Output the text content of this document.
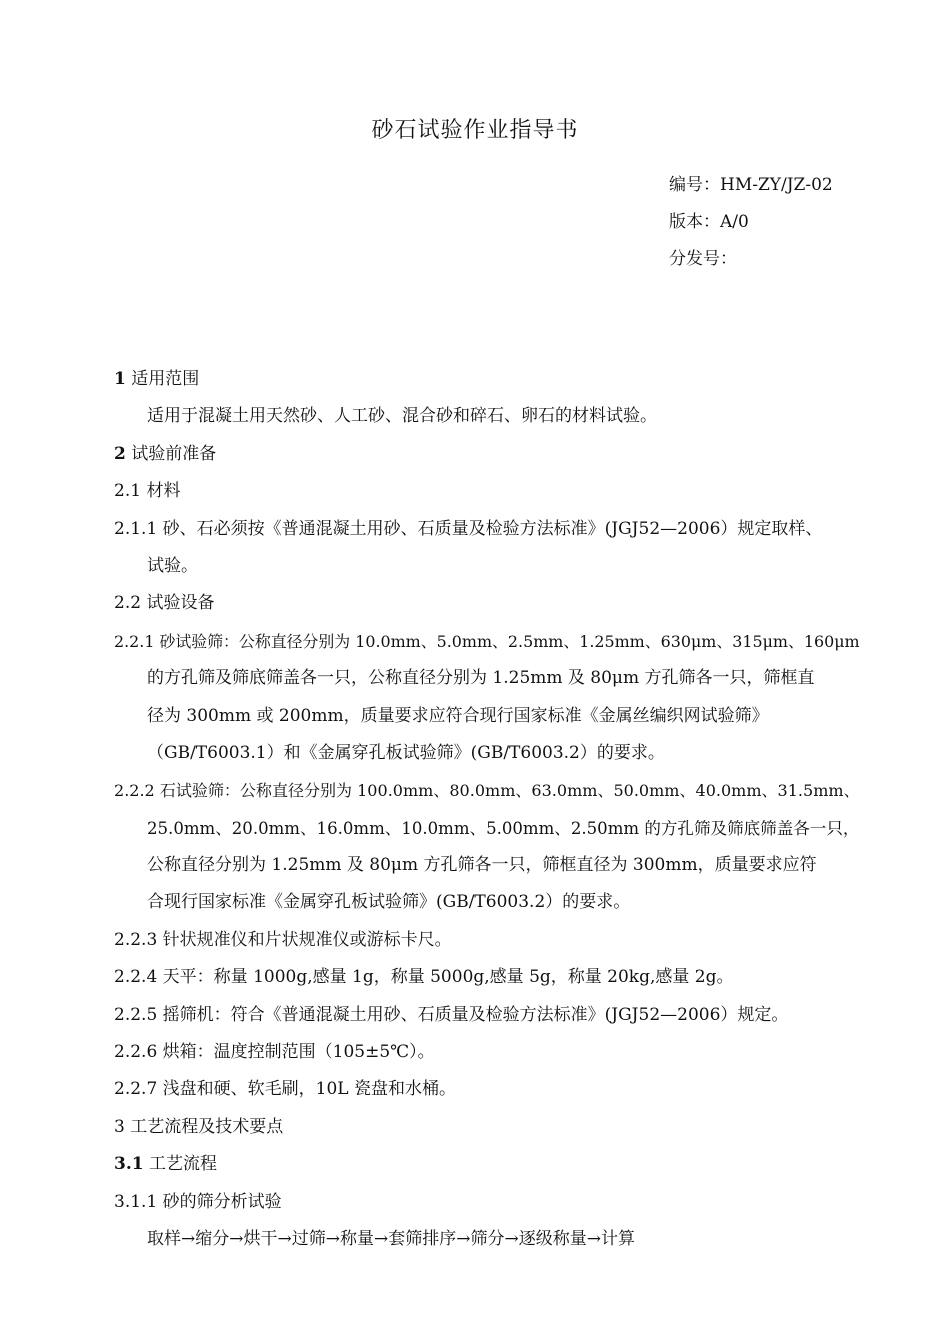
砂石试验作业指导书
编号：HM-ZY/JZ-02
版本：A/0
分发号：
1 适用范围
适用于混凝土用天然砂、人工砂、混合砂和碎石、卵石的材料试验。
2 试验前准备
2.1 材料
2.1.1 砂、石必须按《普通混凝土用砂、石质量及检验方法标准》(JGJ52—2006）规定取样、
试验。
2.2 试验设备
2.2.1 砂试验筛：公称直径分别为 10.0mm、5.0mm、2.5mm、1.25mm、630μm、315μm、160μm
的方孔筛及筛底筛盖各一只，公称直径分别为 1.25mm 及 80μm 方孔筛各一只，筛框直
径为 300mm 或 200mm，质量要求应符合现行国家标准《金属丝编织网试验筛》
（GB/T6003.1）和《金属穿孔板试验筛》(GB/T6003.2）的要求。
2.2.2 石试验筛：公称直径分别为 100.0mm、80.0mm、63.0mm、50.0mm、40.0mm、31.5mm、
25.0mm、20.0mm、16.0mm、10.0mm、5.00mm、2.50mm 的方孔筛及筛底筛盖各一只，
公称直径分别为 1.25mm 及 80μm 方孔筛各一只，筛框直径为 300mm，质量要求应符
合现行国家标准《金属穿孔板试验筛》(GB/T6003.2）的要求。
2.2.3 针状规准仪和片状规准仪或游标卡尺。
2.2.4 天平：称量 1000g,感量 1g，称量 5000g,感量 5g，称量 20kg,感量 2g。
2.2.5 摇筛机：符合《普通混凝土用砂、石质量及检验方法标准》(JGJ52—2006）规定。
2.2.6 烘箱：温度控制范围（105±5℃）。
2.2.7 浅盘和硬、软毛刷，10L 瓷盘和水桶。
3 工艺流程及技术要点
3.1 工艺流程
3.1.1 砂的筛分析试验
取样→缩分→烘干→过筛→称量→套筛排序→筛分→逐级称量→计算
